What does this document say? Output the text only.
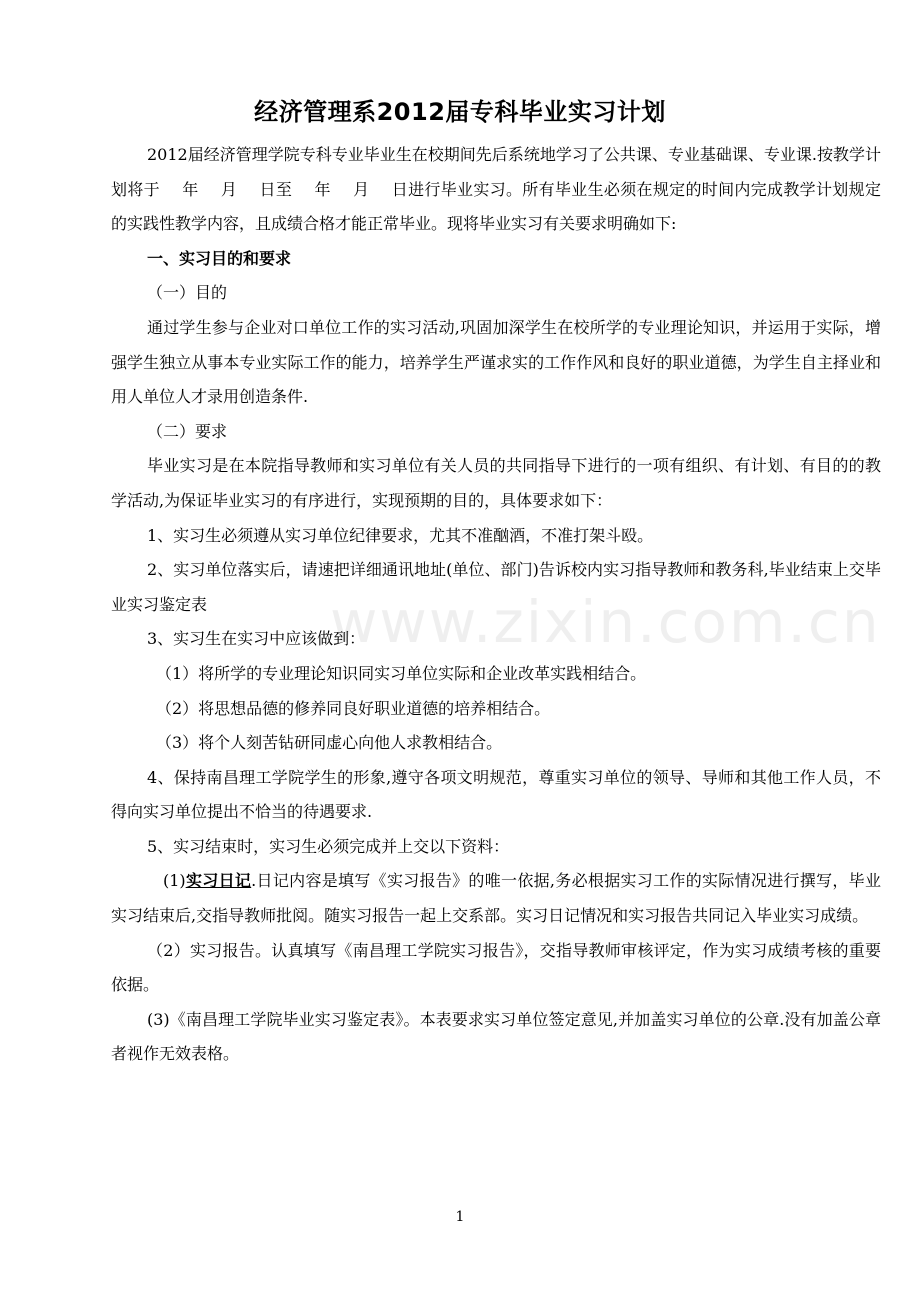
www.zixin.com.cn
经济管理系2012届专科毕业实习计划

2012届经济管理学院专科专业毕业生在校期间先后系统地学习了公共课、专业基础课、专业课.按教学计划将于 年 月 日至 年 月 日进行毕业实习。所有毕业生必须在规定的时间内完成教学计划规定的实践性教学内容，且成绩合格才能正常毕业。现将毕业实习有关要求明确如下:

一、实习目的和要求

（一）目的

通过学生参与企业对口单位工作的实习活动,巩固加深学生在校所学的专业理论知识，并运用于实际，增强学生独立从事本专业实际工作的能力，培养学生严谨求实的工作作风和良好的职业道德，为学生自主择业和用人单位人才录用创造条件.

（二）要求

毕业实习是在本院指导教师和实习单位有关人员的共同指导下进行的一项有组织、有计划、有目的的教学活动,为保证毕业实习的有序进行，实现预期的目的，具体要求如下：

1、实习生必须遵从实习单位纪律要求，尤其不准酗酒，不准打架斗殴。

2、实习单位落实后，请速把详细通讯地址(单位、部门)告诉校内实习指导教师和教务科,毕业结束上交毕业实习鉴定表

3、实习生在实习中应该做到：

（1）将所学的专业理论知识同实习单位实际和企业改革实践相结合。

（2）将思想品德的修养同良好职业道德的培养相结合。

（3）将个人刻苦钻研同虚心向他人求教相结合。

4、保持南昌理工学院学生的形象,遵守各项文明规范，尊重实习单位的领导、导师和其他工作人员，不得向实习单位提出不恰当的待遇要求.

5、实习结束时，实习生必须完成并上交以下资料：

(1)实习日记.日记内容是填写《实习报告》的唯一依据,务必根据实习工作的实际情况进行撰写，毕业实习结束后,交指导教师批阅。随实习报告一起上交系部。实习日记情况和实习报告共同记入毕业实习成绩。

（2）实习报告。认真填写《南昌理工学院实习报告》，交指导教师审核评定，作为实习成绩考核的重要依据。

(3)《南昌理工学院毕业实习鉴定表》。本表要求实习单位签定意见,并加盖实习单位的公章.没有加盖公章者视作无效表格。

1
